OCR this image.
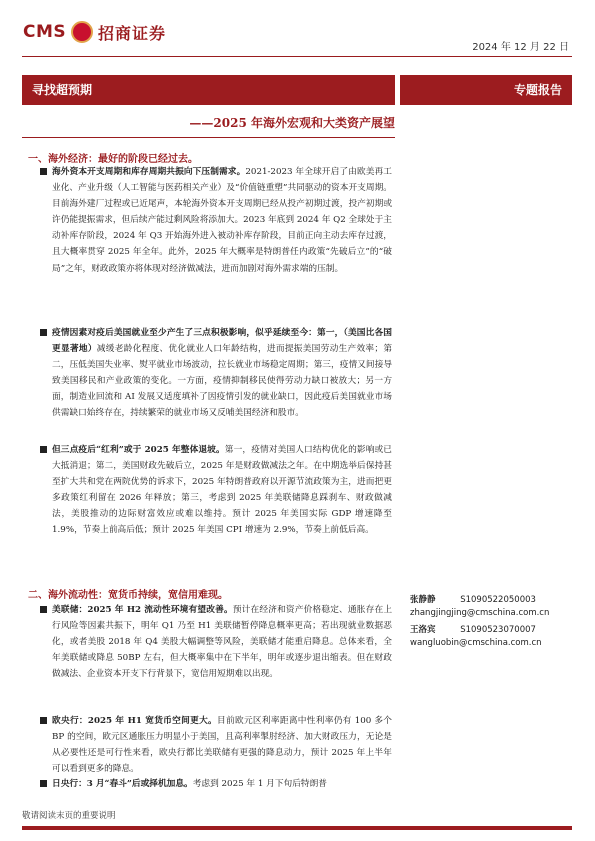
CMS 招商证券
2024 年 12 月 22 日
寻找超预期	专题报告
——2025 年海外宏观和大类资产展望
一、海外经济：最好的阶段已经过去。
海外资本开支周期和库存周期共振向下压制需求。2021-2023 年全球开启了由欧美再工业化、产业升级（人工智能与医药相关产业）及“价值链重塑”共同驱动的资本开支周期。目前海外建厂过程或已近尾声，本轮海外资本开支周期已经从投产初期过渡，投产初期或许仍能提振需求，但后续产能过剩风险将添加大。2023 年底到 2024 年 Q2 全球处于主动补库存阶段，2024 年 Q3 开始海外进入被动补库存阶段，目前正向主动去库存过渡，且大概率贯穿 2025 年全年。此外，2025 年大概率是特朗普任内政策“先破后立”的“破局”之年，财政政策亦将体现对经济做减法，进而加剧对海外需求端的压制。
疫情因素对疫后美国就业至少产生了三点积极影响，似乎延续至今：第一，（美国比各国更显著地）减缓老龄化程度、优化就业人口年龄结构，进而提振美国劳动生产效率；第二，压低美国失业率、熨平就业市场波动，拉长就业市场稳定周期；第三，疫情又间接导致美国移民和产业政策的变化。一方面，疫情抑制移民使得劳动力缺口被放大；另一方面，制造业回流和 AI 发展又适度填补了因疫情引发的就业缺口，因此疫后美国就业市场供需缺口始终存在，持续繁荣的就业市场又反哺美国经济和股市。
但三点疫后“红利”或于 2025 年整体退坡。第一，疫情对美国人口结构优化的影响或已大抵消退；第二，美国财政先破后立，2025 年是财政做减法之年。在中期选举后保持甚至扩大共和党在两院优势的诉求下，2025 年特朗普政府以开源节流政策为主，进而把更多政策红利留在 2026 年释放；第三，考虑到 2025 年美联储降息踩刹车、财政做减法，美股推动的边际财富效应或难以维持。预计 2025 年美国实际 GDP 增速降至 1.9%，节奏上前高后低；预计 2025 年美国 CPI 增速为 2.9%，节奏上前低后高。
二、海外流动性：宽货币持续，宽信用难现。
美联储：2025 年 H2 流动性环境有望改善。预计在经济和资产价格稳定、通胀存在上行风险等因素共振下，明年 Q1 乃至 H1 美联储暂停降息概率更高；若出现就业数据恶化，或者美股 2018 年 Q4 美股大幅调整等风险，美联储才能重启降息。总体来看，全年美联储或降息 50BP 左右，但大概率集中在下半年，明年或逐步退出缩表。但在财政做减法、企业资本开支下行背景下，宽信用短期难以出现。
欧央行：2025 年 H1 宽货币空间更大。目前欧元区利率距离中性利率仍有 100 多个 BP 的空间，欧元区通胀压力明显小于美国，且高利率掣肘经济、加大财政压力，无论是从必要性还是可行性来看，欧央行都比美联储有更强的降息动力，预计 2025 年上半年可以看到更多的降息。
日央行：3 月“春斗”后或择机加息。考虑到 2025 年 1 月下旬后特朗普
张静静	S1090522050003
zhangjingjing@cmschina.com.cn
王洛宾	S1090523070007
wangluobin@cmschina.com.cn
敬请阅读末页的重要说明
